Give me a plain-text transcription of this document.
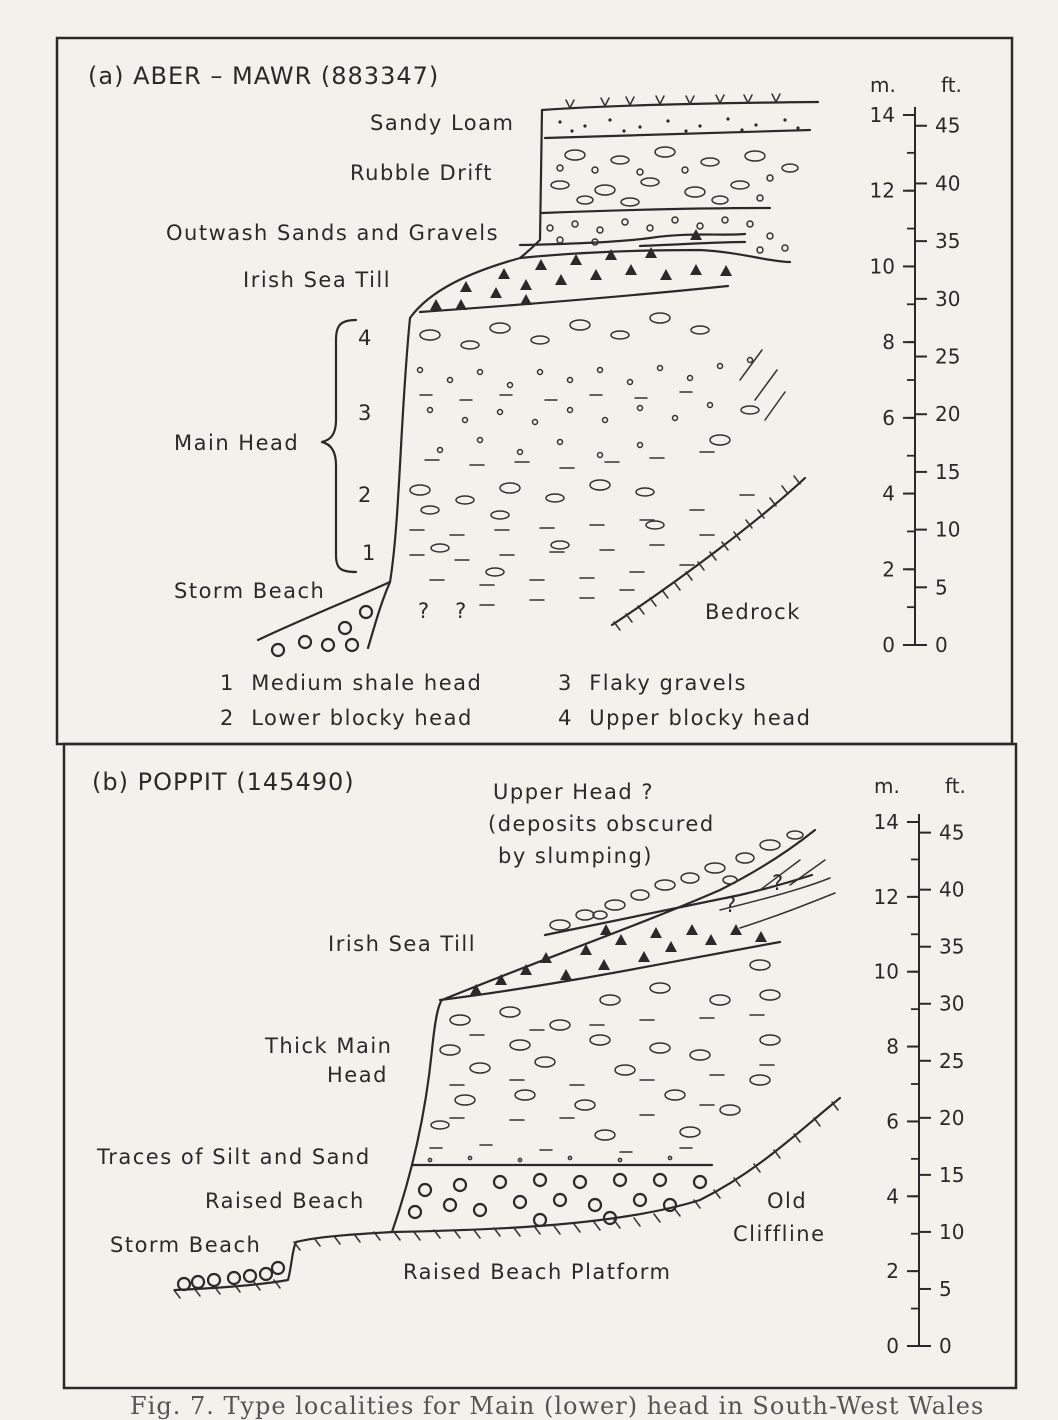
(a) ABER – MAWR (883347)
Sandy Loam
Rubble Drift
Outwash Sands and Gravels
Irish Sea Till
Main Head
Storm Beach
Bedrock
?   ?
4
3
2
1
1  Medium shale head
2  Lower blocky head
3  Flaky gravels
4  Upper blocky head
(b) POPPIT (145490)
?
?
Upper Head ?
(deposits obscured
by slumping)
Irish Sea Till
Thick Main
Head
Traces of Silt and Sand
Raised Beach
Storm Beach
Old
Cliffline
Raised Beach Platform
m. ft.
0
2
4
6
8
10
12
14
0
5
10
15
20
25
30
35
40
45
m. ft.
0
2
4
6
8
10
12
14
0
5
10
15
20
25
30
35
40
45
Fig. 7. Type localities for Main (lower) head in South-West Wales
